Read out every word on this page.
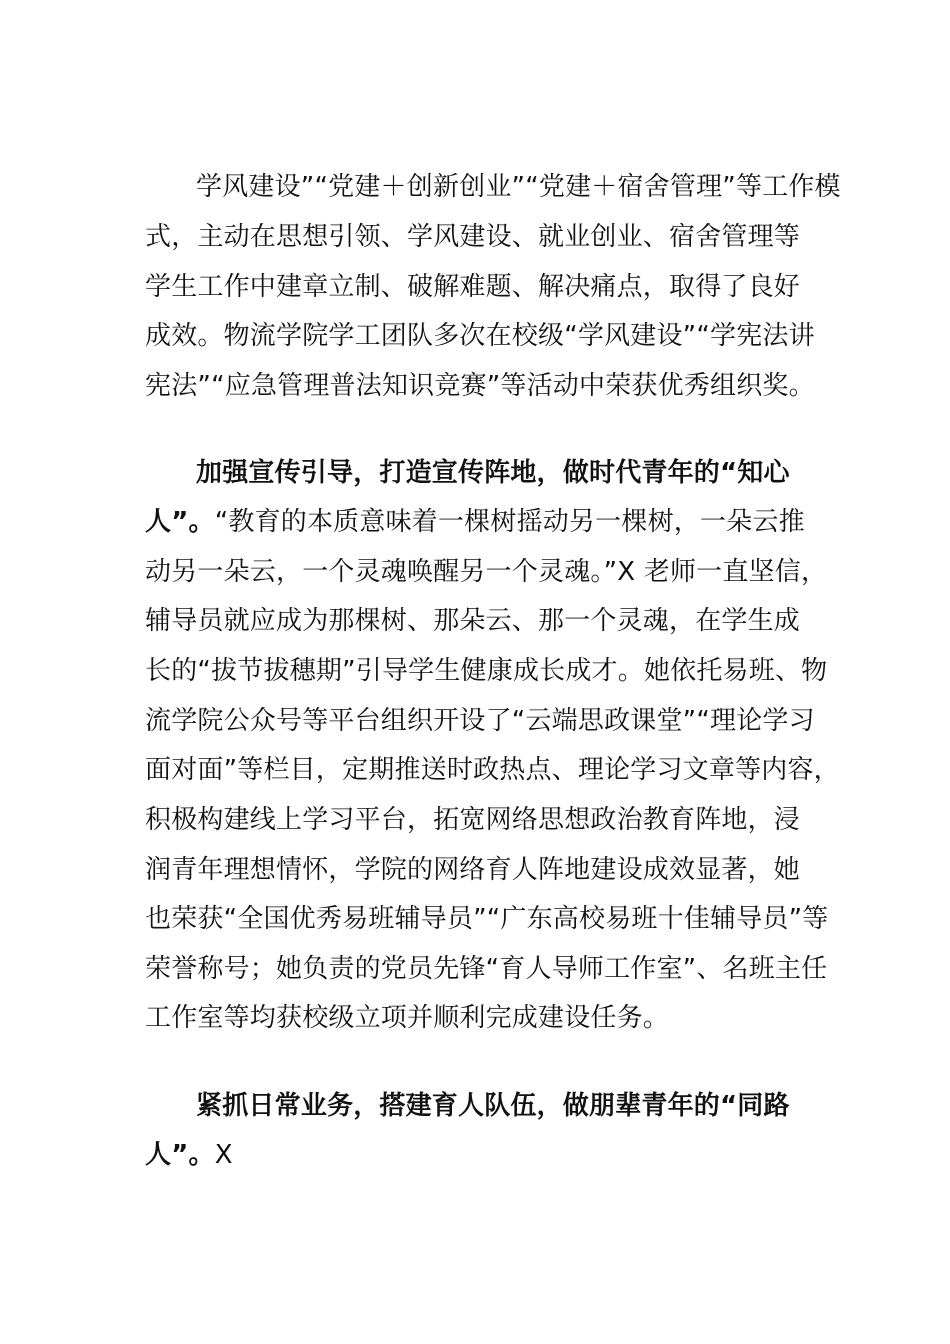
学风建设”“党建＋创新创业”“党建＋宿舍管理”等工作模
式，主动在思想引领、学风建设、就业创业、宿舍管理等
学生工作中建章立制、破解难题、解决痛点，取得了良好
成效。物流学院学工团队多次在校级“学风建设”“学宪法讲
宪法”“应急管理普法知识竞赛”等活动中荣获优秀组织奖。
加强宣传引导，打造宣传阵地，做时代青年的“知心
人”。“教育的本质意味着一棵树摇动另一棵树，一朵云推
动另一朵云，一个灵魂唤醒另一个灵魂。”X 老师一直坚信，
辅导员就应成为那棵树、那朵云、那一个灵魂，在学生成
长的“拔节拔穗期”引导学生健康成长成才。她依托易班、物
流学院公众号等平台组织开设了“云端思政课堂”“理论学习
面对面”等栏目，定期推送时政热点、理论学习文章等内容，
积极构建线上学习平台，拓宽网络思想政治教育阵地，浸
润青年理想情怀，学院的网络育人阵地建设成效显著，她
也荣获“全国优秀易班辅导员”“广东高校易班十佳辅导员”等
荣誉称号；她负责的党员先锋“育人导师工作室”、名班主任
工作室等均获校级立项并顺利完成建设任务。
紧抓日常业务，搭建育人队伍，做朋辈青年的“同路
人”。X
